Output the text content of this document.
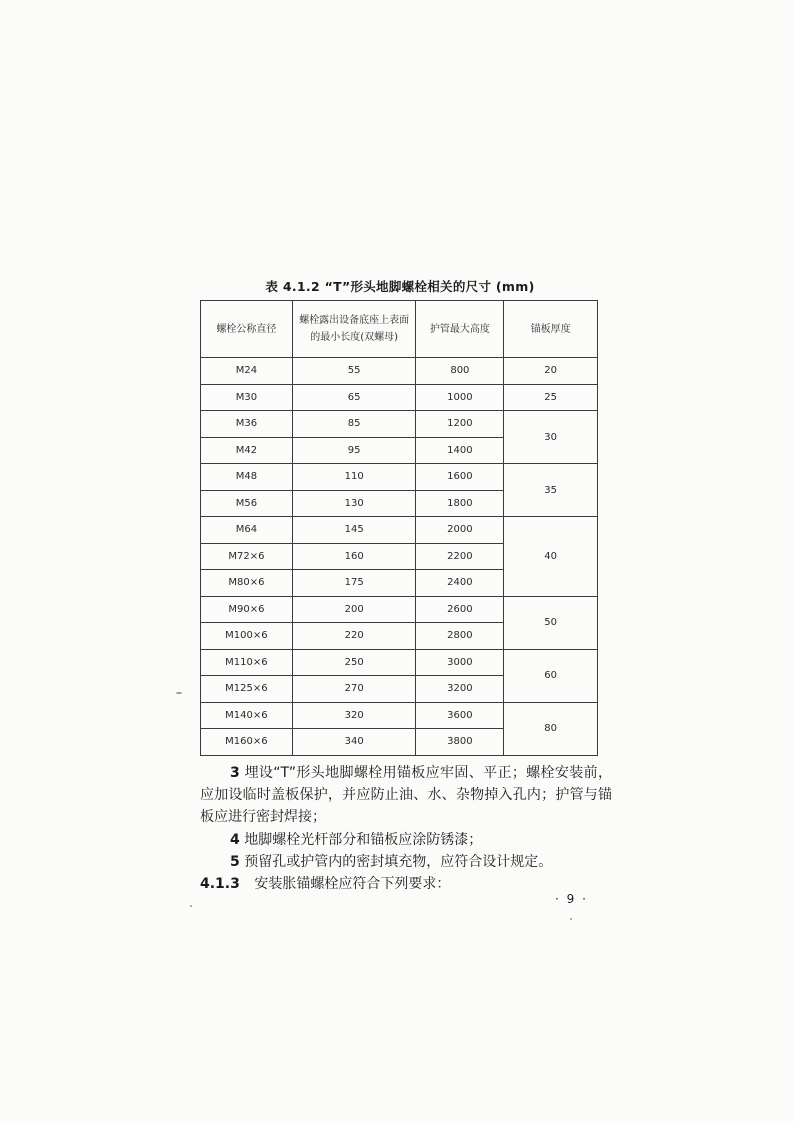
表 4.1.2 “T”形头地脚螺栓相关的尺寸 (mm)
螺栓公称直径	螺栓露出设备底座上表面的最小长度(双螺母)	护管最大高度	锚板厚度
M24	55	800	20
M30	65	1000	25
M36	85	1200	30
M42	95	1400	
M48	110	1600	35
M56	130	1800	
M64	145	2000	40
M72×6	160	2200	
M80×6	175	2400	
M90×6	200	2600	50
M100×6	220	2800	
M110×6	250	3000	60
M125×6	270	3200	
M140×6	320	3600	80
M160×6	340	3800	
3 埋设“T”形头地脚螺栓用锚板应牢固、平正；螺栓安装前，应加设临时盖板保护，并应防止油、水、杂物掉入孔内；护管与锚板应进行密封焊接；
4 地脚螺栓光杆部分和锚板应涂防锈漆；
5 预留孔或护管内的密封填充物，应符合设计规定。
4.1.3 安装胀锚螺栓应符合下列要求：
· 9 ·
